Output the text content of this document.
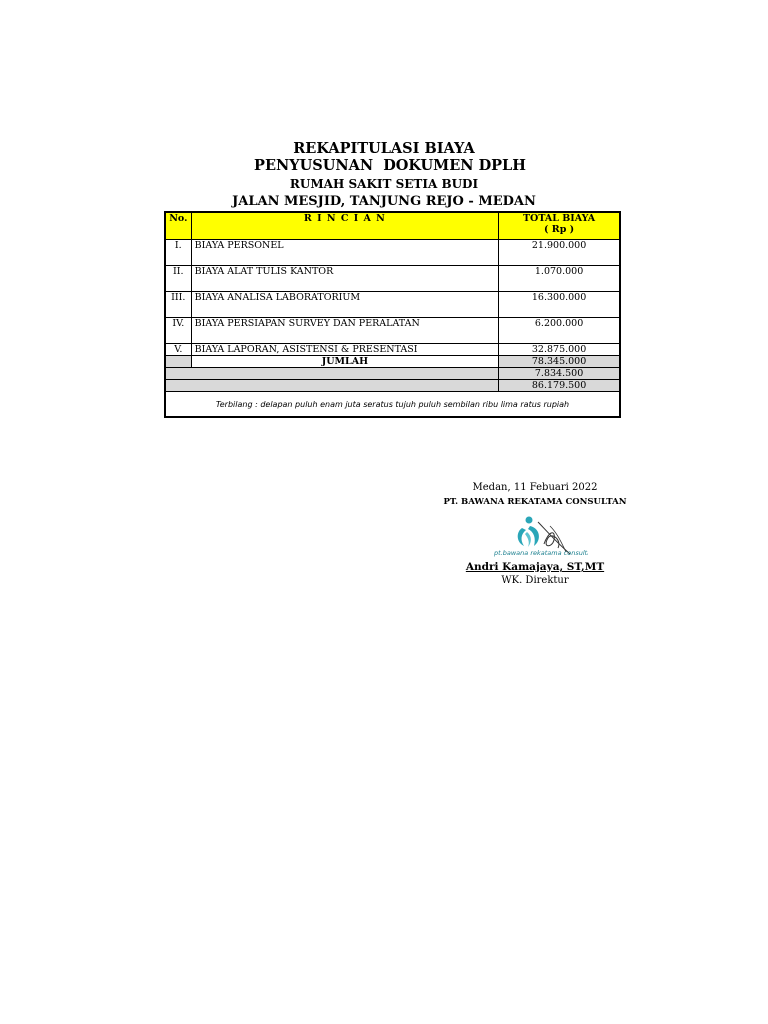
REKAPITULASI BIAYA
PENYUSUNAN  DOKUMEN DPLH
RUMAH SAKIT SETIA BUDI
JALAN MESJID, TANJUNG REJO - MEDAN
No.	R I N C I A N	TOTAL BIAYA
( Rp )

I.	BIAYA PERSONEL	21.900.000
II.	BIAYA ALAT TULIS KANTOR	1.070.000
III.	BIAYA ANALISA LABORATORIUM	16.300.000
IV.	BIAYA PERSIAPAN SURVEY DAN PERALATAN	6.200.000
V.	BIAYA LAPORAN, ASISTENSI & PRESENTASI	32.875.000
	JUMLAH	78.345.000
		7.834.500
		86.179.500
Terbilang : delapan puluh enam juta seratus tujuh puluh sembilan ribu lima ratus rupiah		
Medan, 11 Febuari 2022
PT. BAWANA REKATAMA CONSULTAN
pt.bawana rekatama consultant
Andri Kamajaya, ST,MT
WK. Direktur
